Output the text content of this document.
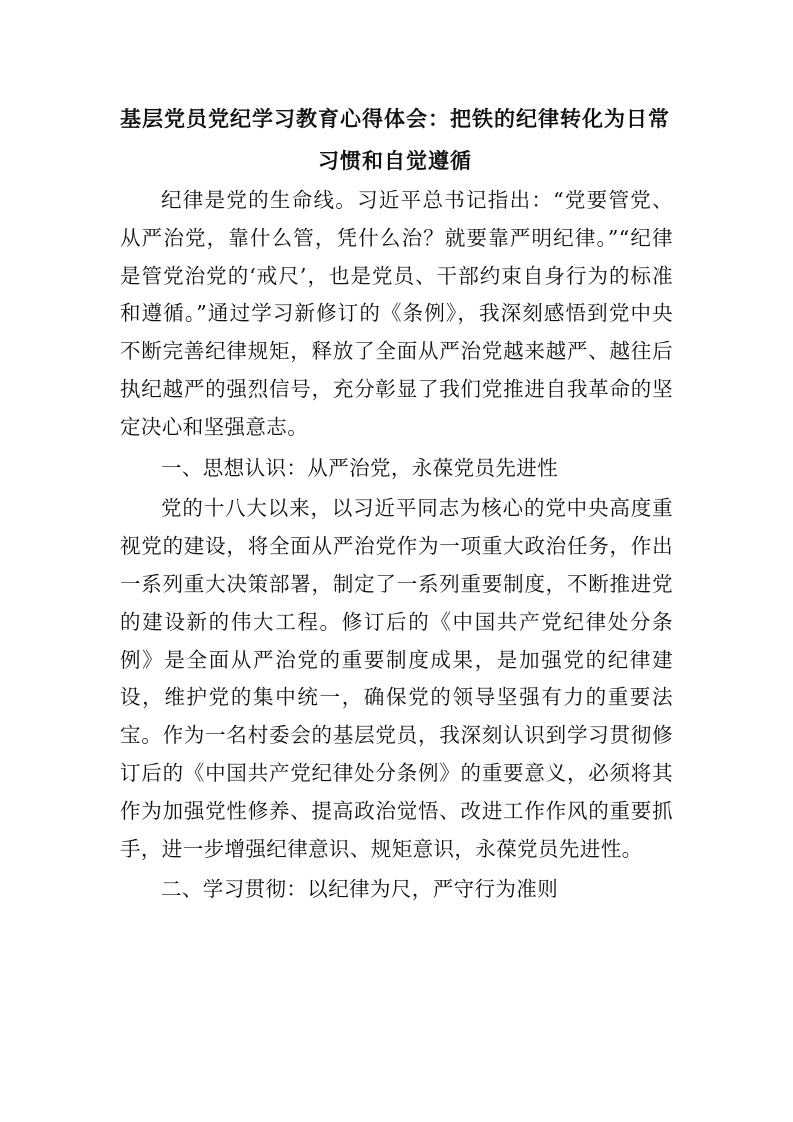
基层党员党纪学习教育心得体会：把铁的纪律转化为日常习惯和自觉遵循

纪律是党的生命线。习近平总书记指出：“党要管党、从严治党，靠什么管，凭什么治？就要靠严明纪律。”“纪律是管党治党的‘戒尺’，也是党员、干部约束自身行为的标准和遵循。”通过学习新修订的《条例》，我深刻感悟到党中央不断完善纪律规矩，释放了全面从严治党越来越严、越往后执纪越严的强烈信号，充分彰显了我们党推进自我革命的坚定决心和坚强意志。

一、思想认识：从严治党，永葆党员先进性

党的十八大以来，以习近平同志为核心的党中央高度重视党的建设，将全面从严治党作为一项重大政治任务，作出一系列重大决策部署，制定了一系列重要制度，不断推进党的建设新的伟大工程。修订后的《中国共产党纪律处分条例》是全面从严治党的重要制度成果，是加强党的纪律建设，维护党的集中统一，确保党的领导坚强有力的重要法宝。作为一名村委会的基层党员，我深刻认识到学习贯彻修订后的《中国共产党纪律处分条例》的重要意义，必须将其作为加强党性修养、提高政治觉悟、改进工作作风的重要抓手，进一步增强纪律意识、规矩意识，永葆党员先进性。

二、学习贯彻：以纪律为尺，严守行为准则
